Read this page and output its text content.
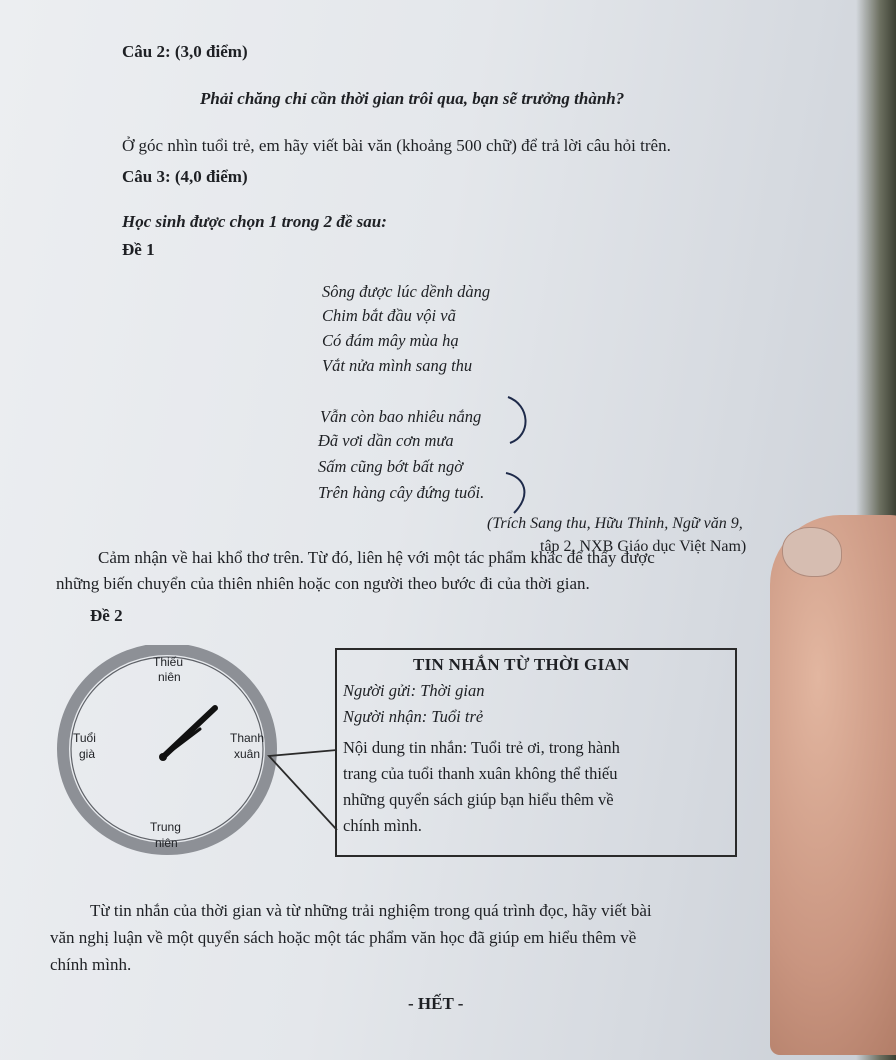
Câu 2: (3,0 điểm)
Phải chăng chỉ cần thời gian trôi qua, bạn sẽ trưởng thành?
Ở góc nhìn tuổi trẻ, em hãy viết bài văn (khoảng 500 chữ) để trả lời câu hỏi trên.
Câu 3: (4,0 điểm)
Học sinh được chọn 1 trong 2 đề sau:
Đề 1
Sông được lúc dềnh dàng
Chim bắt đầu vội vã
Có đám mây mùa hạ
Vắt nửa mình sang thu
Vẫn còn bao nhiêu nắng
Đã vơi dần cơn mưa
Sấm cũng bớt bất ngờ
Trên hàng cây đứng tuổi.
(Trích Sang thu, Hữu Thỉnh, Ngữ văn 9,
tập 2, NXB Giáo dục Việt Nam)
Cảm nhận về hai khổ thơ trên. Từ đó, liên hệ với một tác phẩm khác để thấy được
những biến chuyển của thiên nhiên hoặc con người theo bước đi của thời gian.
Đề 2
Thiếu
niên
Thanh
xuân
Trung
niên
Tuổi
già
TIN NHẮN TỪ THỜI GIAN
Người gửi: Thời gian
Người nhận: Tuổi trẻ
Nội dung tin nhắn: Tuổi trẻ ơi, trong hành
trang của tuổi thanh xuân không thể thiếu
những quyển sách giúp bạn hiểu thêm về
chính mình.
Từ tin nhắn của thời gian và từ những trải nghiệm trong quá trình đọc, hãy viết bài
văn nghị luận về một quyển sách hoặc một tác phẩm văn học đã giúp em hiểu thêm về
chính mình.
- HẾT -
